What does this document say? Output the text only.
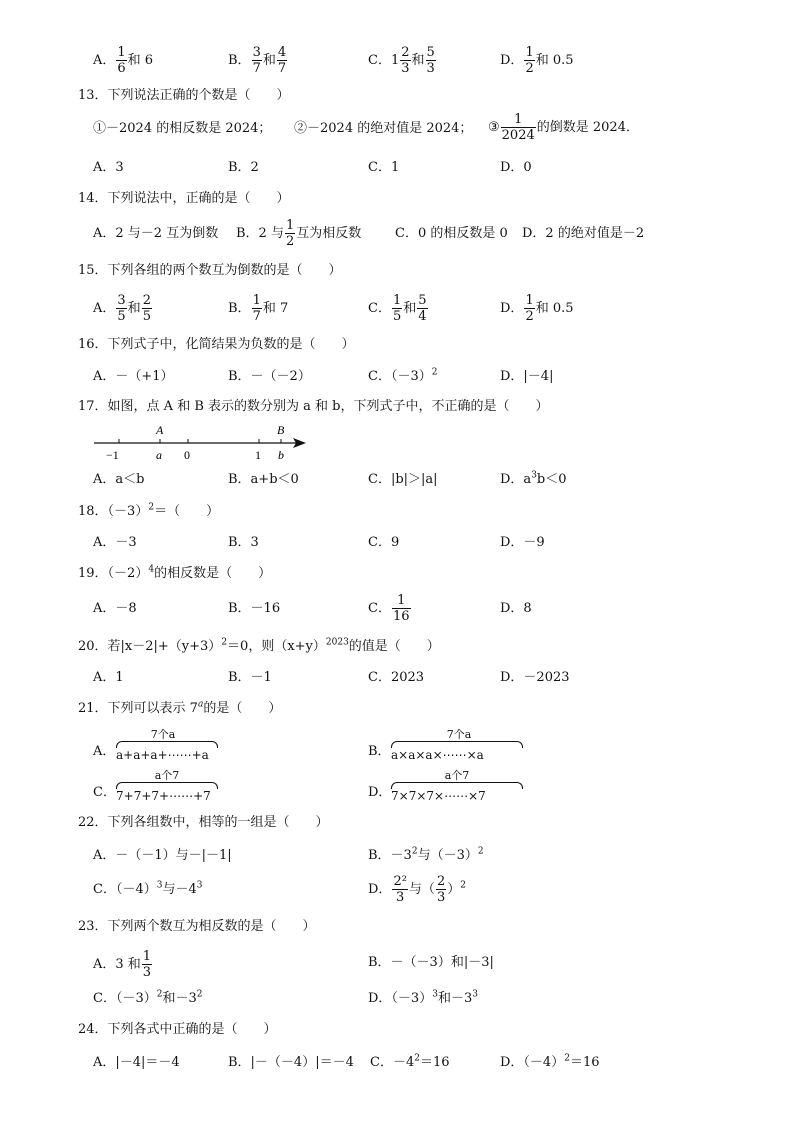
A． $\frac{1}{6}$ 和 6	B． $\frac{3}{7}$ 和 $\frac{4}{7}$	C．$1 \frac{2}{3}$ 和 $\frac{5}{3}$	D． $\frac{1}{2}$ 和 0.5
13．下列说法正确的个数是（　　）
①－2024 的相反数是 2024； ②－2024 的绝对值是 2024； ③ $\frac{1}{2024}$ 的倒数是 2024．
A．3	B．2	C．1	D．0
14．下列说法中，正确的是（　　）
A．2 与－2 互为倒数 B．2 与 $\frac{1}{2}$ 互为相反数	C．0 的相反数是 0 D．2 的绝对值是－2
15．下列各组的两个数互为倒数的是（　　）
A． $\frac{3}{5}$ 和 $\frac{2}{5}$	B． $\frac{1}{7}$ 和 7	C． $\frac{1}{5}$ 和 $\frac{5}{4}$	D． $\frac{1}{2}$ 和 0.5
16．下列式子中，化简结果为负数的是（　　）
A．－（+1）	B．－（－2）	C．$(-3)^2$	D．|－4|
17．如图，点 A 和 B 表示的数分别为 a 和 b，下列式子中，不正确的是（　　）
A	B
−1	a 0	1 b
A．a＜b	B．a+b＜0	C．|b|＞|a|	D．$a^3b<0$
18．$(-3)^2=$（　　）
A．－3	B．3	C．9	D．－9
19．$(-2)^4$的相反数是（　　）
A．－8	B．－16	C． $\frac{1}{16}$	D．8
20．若$|x-2|+(y+3)^2=0$，则$(x+y)^{2023}$的值是（　　）
A．1	B．－1	C．2023	D．－2023
21．下列可以表示 7$^a$的是（　　）
A．
7个a
a+a+a+⋯⋯+a	B．
7个a
a×a×a×⋯⋯×a
C．
a个7
7+7+7+⋯⋯+7	D．
a个7
7×7×7×⋯⋯×7
22．下列各组数中，相等的一组是（　　）
A．－（－1）与－|－1|	B．$-3^2$与$(-3)^2$
C．$(-4)^3$与$-4^3$	D． $\frac{\text{2²}}{3}$ 与（ $\frac{2}{3} )^2$
23．下列两个数互为相反数的是（　　）
A．3 和 $\frac{1}{3}$	B．－（－3）和|－3|
C．$(-3)^2$和$-3^2$	D．$(-3)^3$和$-3^3$
24．下列各式中正确的是（　　）
A．|－4|＝－4	B．|－（－4）|＝－4 C．$-4^2=16$	D．$(-4)^2=16$
